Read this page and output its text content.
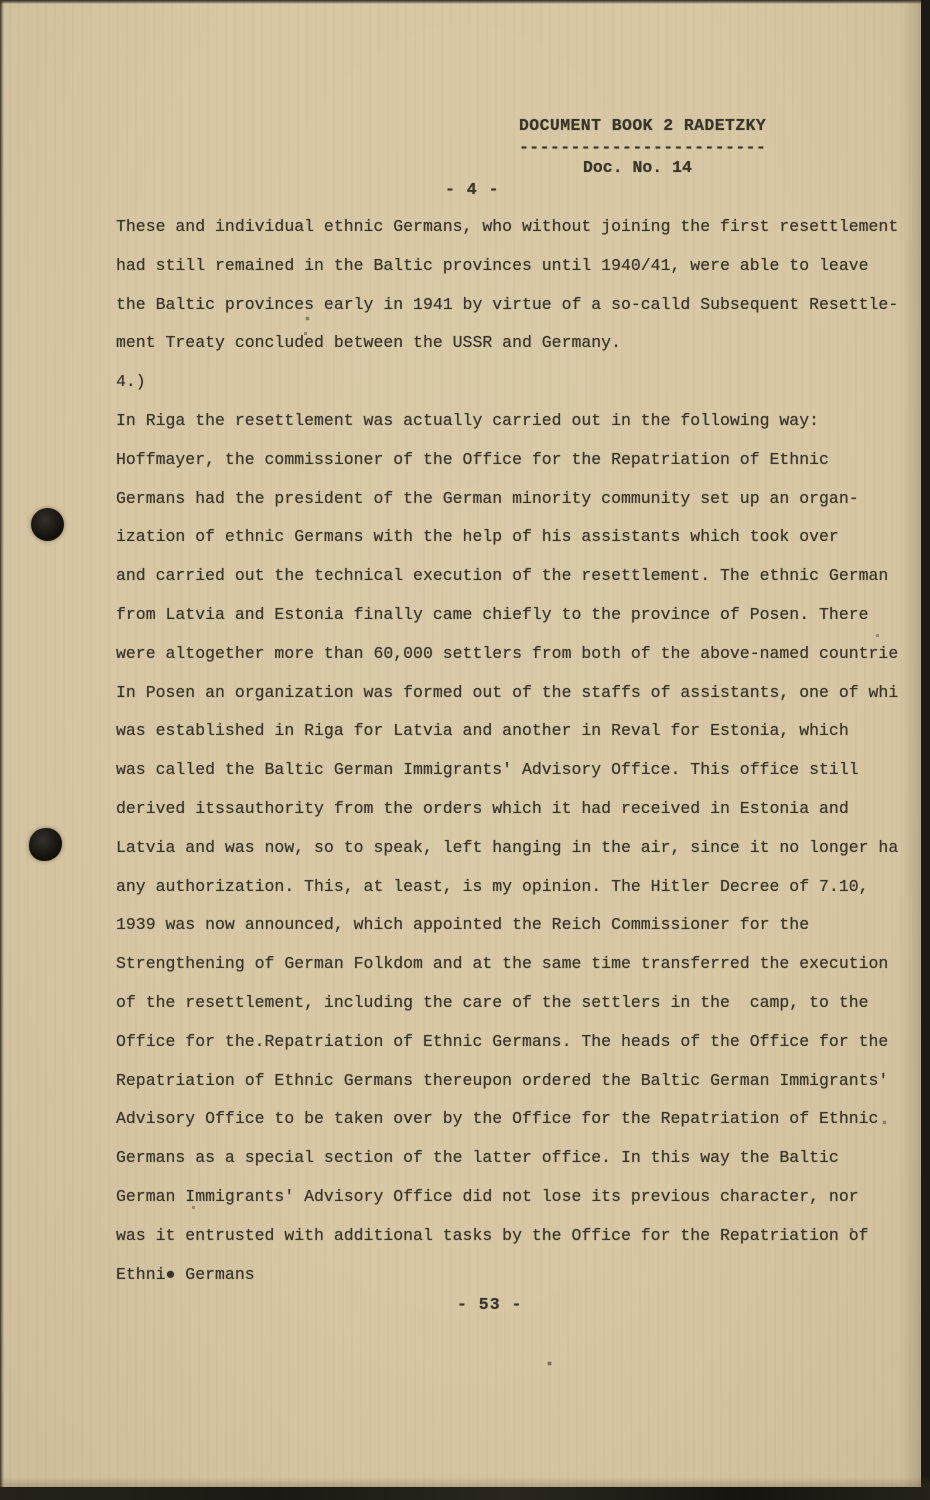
DOCUMENT BOOK 2 RADETZKY
------------------------
Doc. No. 14
- 4 -
These and individual ethnic Germans, who without joining the first resettlement
had still remained in the Baltic provinces until 1940/41, were able to leave
the Baltic provinces early in 1941 by virtue of a so-calld Subsequent Resettle-
ment Treaty concluded between the USSR and Germany.
4.)
In Riga the resettlement was actually carried out in the following way:
Hoffmayer, the commissioner of the Office for the Repatriation of Ethnic
Germans had the president of the German minority community set up an organ-
ization of ethnic Germans with the help of his assistants which took over
and carried out the technical execution of the resettlement. The ethnic German
from Latvia and Estonia finally came chiefly to the province of Posen. There
were altogether more than 60,000 settlers from both of the above-named countrie
In Posen an organization was formed out of the staffs of assistants, one of whi
was established in Riga for Latvia and another in Reval for Estonia, which
was called the Baltic German Immigrants' Advisory Office. This office still
derived itssauthority from the orders which it had received in Estonia and
Latvia and was now, so to speak, left hanging in the air, since it no longer ha
any authorization. This, at least, is my opinion. The Hitler Decree of 7.10,
1939 was now announced, which appointed the Reich Commissioner for the
Strengthening of German Folkdom and at the same time transferred the execution
of the resettlement, including the care of the settlers in the  camp, to the
Office for the.Repatriation of Ethnic Germans. The heads of the Office for the
Repatriation of Ethnic Germans thereupon ordered the Baltic German Immigrants'
Advisory Office to be taken over by the Office for the Repatriation of Ethnic
Germans as a special section of the latter office. In this way the Baltic
German Immigrants' Advisory Office did not lose its previous character, nor
was it entrusted with additional tasks by the Office for the Repatriation of
Ethni● Germans
- 53 -
